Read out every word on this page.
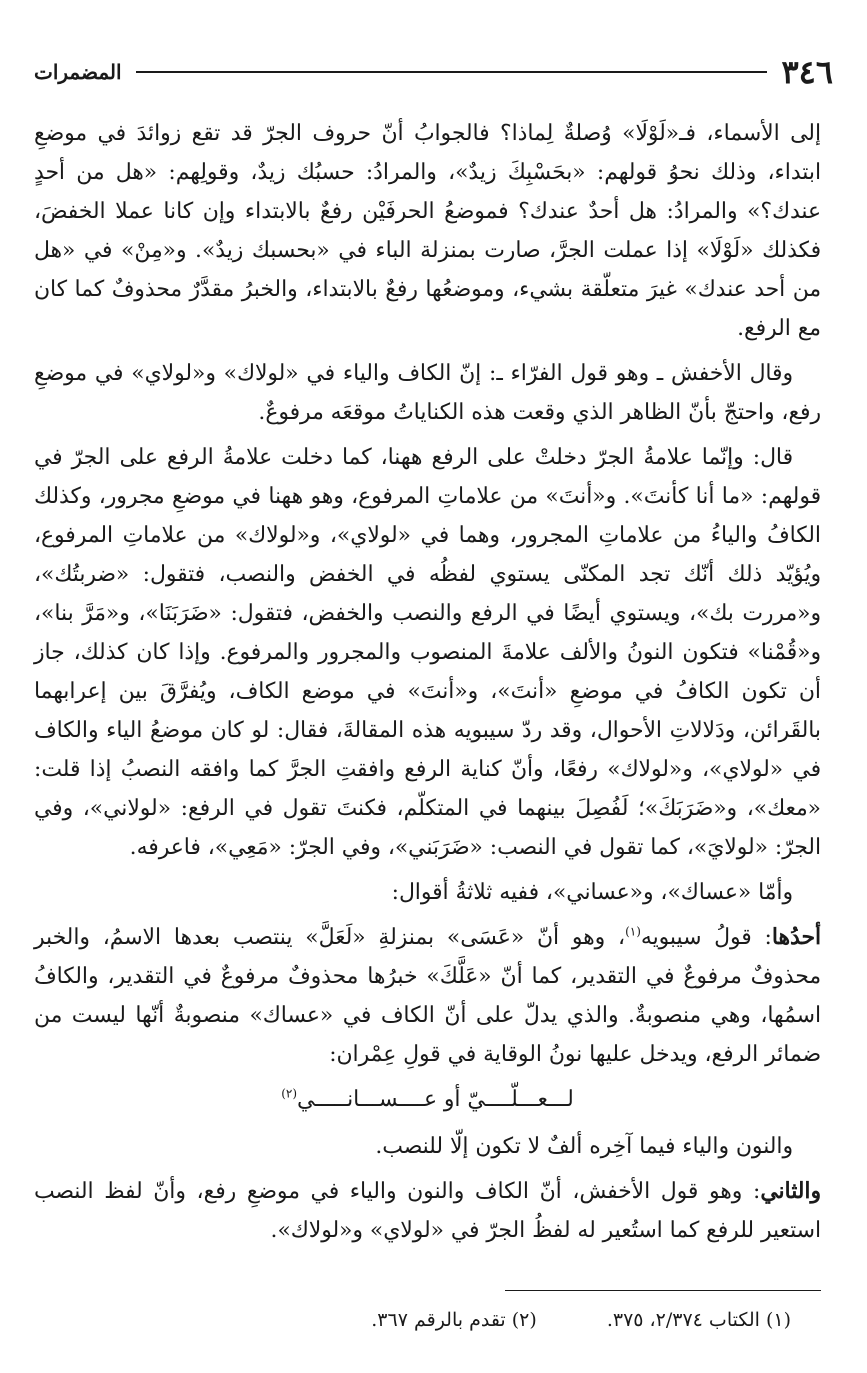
٣٤٦
المضمرات

إلى الأسماء، فـ«لَوْلَا» وُصلةٌ لِماذا؟ فالجوابُ أنّ حروف الجرّ قد تقع زوائدَ في موضعِ ابتداء، وذلك نحوُ قولهم: «بحَسْبِكَ زيدٌ»، والمرادُ: حسبُك زيدٌ، وقولِهم: «هل من أحدٍ عندك؟» والمرادُ: هل أحدٌ عندك؟ فموضعُ الحرفَيْن رفعٌ بالابتداء وإن كانا عملا الخفضَ، فكذلك «لَوْلَا» إذا عملت الجرَّ، صارت بمنزلة الباء في «بحسبك زيدٌ». و«مِنْ» في «هل من أحد عندك» غيرَ متعلّقة بشيء، وموضعُها رفعٌ بالابتداء، والخبرُ مقدَّرٌ محذوفٌ كما كان مع الرفع.

وقال الأخفش ـ وهو قول الفرّاء ـ: إنّ الكاف والياء في «لولاك» و«لولاي» في موضعِ رفع، واحتجّ بأنّ الظاهر الذي وقعت هذه الكناياتُ موقعَه مرفوعٌ.

قال: وإنّما علامةُ الجرّ دخلتْ على الرفع ههنا، كما دخلت علامةُ الرفع على الجرّ في قولهم: «ما أنا كأنتَ». و«أنتَ» من علاماتِ المرفوع، وهو ههنا في موضعِ مجرور، وكذلك الكافُ والياءُ من علاماتِ المجرور، وهما في «لولاي»، و«لولاك» من علاماتِ المرفوع، ويُؤيّد ذلك أنّك تجد المكنّى يستوي لفظُه في الخفض والنصب، فتقول: «ضربتُك»، و«مررت بك»، ويستوي أيضًا في الرفع والنصب والخفض، فتقول: «ضَرَبَنَا»، و«مَرَّ بنا»، و«قُمْنا» فتكون النونُ والألف علامةَ المنصوب والمجرور والمرفوع. وإذا كان كذلك، جاز أن تكون الكافُ في موضعِ «أنتَ»، و«أنتَ» في موضع الكاف، ويُفرَّقَ بين إعرابهما بالقَرائن، ودَلالاتِ الأحوال، وقد ردّ سيبويه هذه المقالةَ، فقال: لو كان موضعُ الياء والكاف في «لولاي»، و«لولاك» رفعًا، وأنّ كناية الرفع وافقتِ الجرَّ كما وافقه النصبُ إذا قلت: «معك»، و«ضَرَبَكَ»؛ لَفُصِلَ بينهما في المتكلّم، فكنتَ تقول في الرفع: «لولاني»، وفي الجرّ: «لولايَ»، كما تقول في النصب: «ضَرَبَني»، وفي الجرّ: «مَعِي»، فاعرفه.

وأمّا «عساك»، و«عساني»، ففيه ثلاثةُ أقوال:

أحدُها: قولُ سيبويه$^{(١)}$، وهو أنّ «عَسَى» بمنزلةِ «لَعَلَّ» ينتصب بعدها الاسمُ، والخبر محذوفٌ مرفوعٌ في التقدير، كما أنّ «عَلَّكَ» خبرُها محذوفٌ مرفوعٌ في التقدير، والكافُ اسمُها، وهي منصوبةٌ. والذي يدلّ على أنّ الكاف في «عساك» منصوبةٌ أنّها ليست من ضمائر الرفع، ويدخل عليها نونُ الوقاية في قولِ عِمْران:

لـــعـــلّــــيّ أو عــــســـانـــــي$^{(٢)}$

والنون والياء فيما آخِره ألفٌ لا تكون إلّا للنصب.

والثاني: وهو قول الأخفش، أنّ الكاف والنون والياء في موضعِ رفع، وأنّ لفظ النصب استعير للرفع كما استُعير له لفظُ الجرّ في «لولاي» و«لولاك».

(١) الكتاب ٢/٣٧٤، ٣٧٥.
(٢) تقدم بالرقم ٣٦٧.
